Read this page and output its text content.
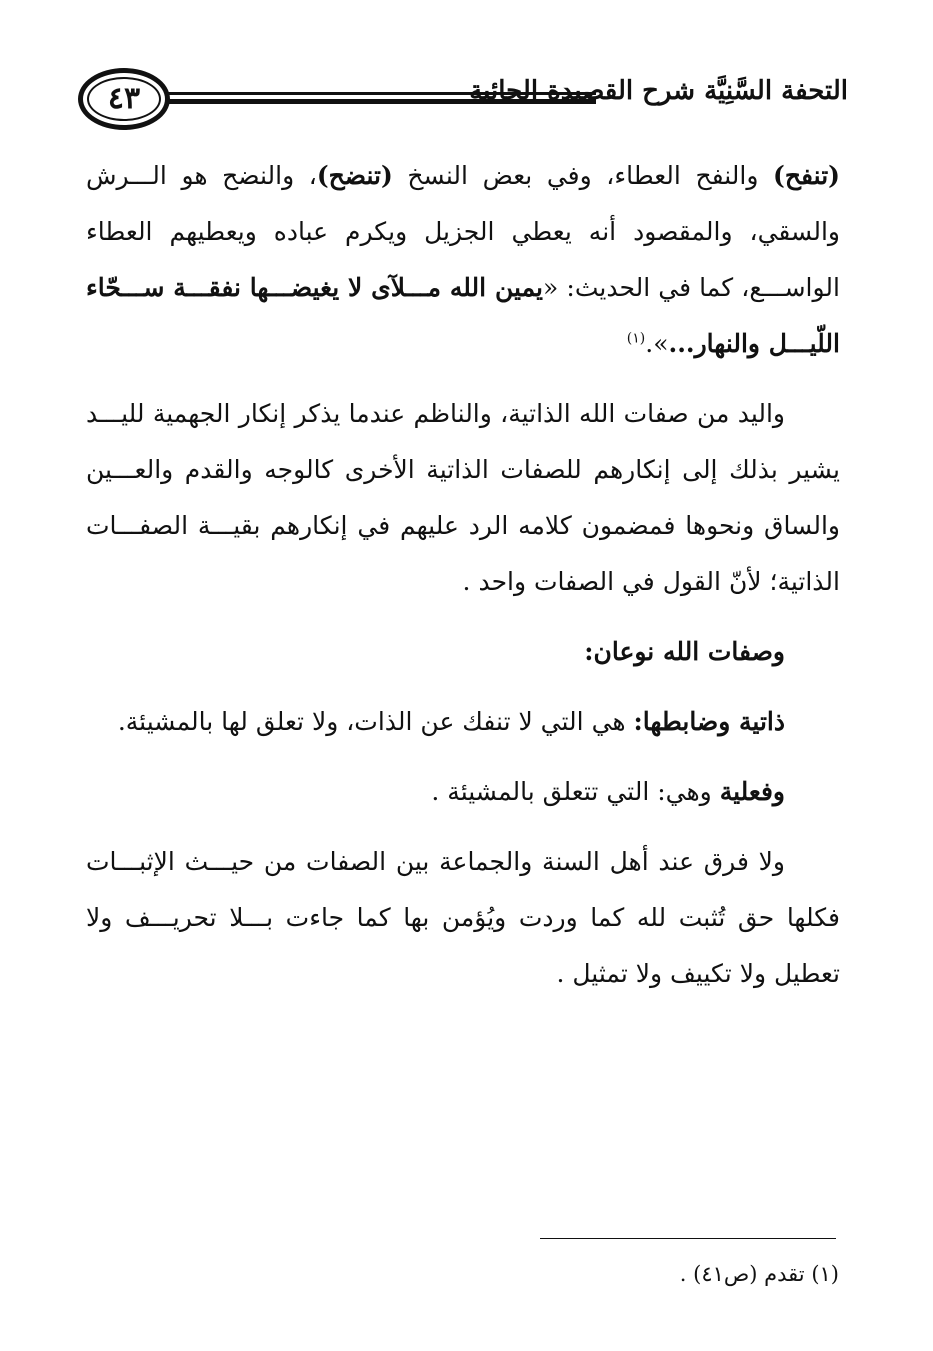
٤٣	التحفة السَّنِيَّة شرح القصيدة الحائية

(تنفح) والنفح العطاء، وفي بعض النسخ (تنضح)، والنضح هو الـــرش والسقي، والمقصود أنه يعطي الجزيل ويكرم عباده ويعطيهم العطاء الواســـع، كما في الحديث: «يمين الله مـــلآى لا يغيضـــها نفقـــة ســـحّاء اللّيـــل والنهار...».$^{(١)}$

واليد من صفات الله الذاتية، والناظم عندما يذكر إنكار الجهمية لليـــد يشير بذلك إلى إنكارهم للصفات الذاتية الأخرى كالوجه والقدم والعـــين والساق ونحوها فمضمون كلامه الرد عليهم في إنكارهم بقيـــة الصفـــات الذاتية؛ لأنّ القول في الصفات واحد .

وصفات الله نوعان:

ذاتية وضابطها: هي التي لا تنفك عن الذات، ولا تعلق لها بالمشيئة.

وفعلية وهي: التي تتعلق بالمشيئة .

ولا فرق عند أهل السنة والجماعة بين الصفات من حيـــث الإثبـــات فكلها حق تُثبت لله كما وردت ويُؤمن بها كما جاءت بـــلا تحريـــف ولا تعطيل ولا تكييف ولا تمثيل .

(١) تقدم (ص٤١) .
